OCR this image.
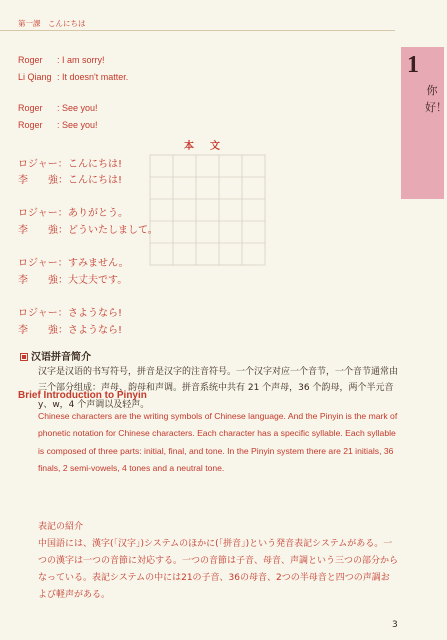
第一課　こんにちは
1
你好！
Roger : I am sorry!
Li Qiang : It doesn't matter.
Roger : See you!
Roger : See you!
本　文
ロジャー： こんにちは!
李　　強： こんにちは!
ロジャー： ありがとう。
李　　強： どういたしまして。
ロジャー： すみません。
李　　強： 大丈夫です。
ロジャー： さようなら!
李　　強： さようなら!
汉语拼音简介
汉字是汉语的书写符号，拼音是汉字的注音符号。一个汉字对应一个音节，一个音节通常由三个部分组成：声母、韵母和声调。拼音系统中共有 21 个声母，36 个韵母，两个半元音 y、w，4 个声调以及轻声。
Brief Introduction to Pinyin
Chinese characters are the writing symbols of Chinese language. And the Pinyin is the mark of phonetic notation for Chinese characters. Each character has a specific syllable. Each syllable is composed of three parts: initial, final, and tone. In the Pinyin system there are 21 initials, 36 finals, 2 semi-vowels, 4 tones and a neutral tone.
表記の紹介
中国語には、漢字(「汉字」)システムのほかに(「拼音」)という発音表記システムがある。一つの漢字は一つの音節に対応する。一つの音節は子音、母音、声調という三つの部分からなっている。表記システムの中には21の子音、36の母音、2つの半母音と四つの声調および軽声がある。
3
